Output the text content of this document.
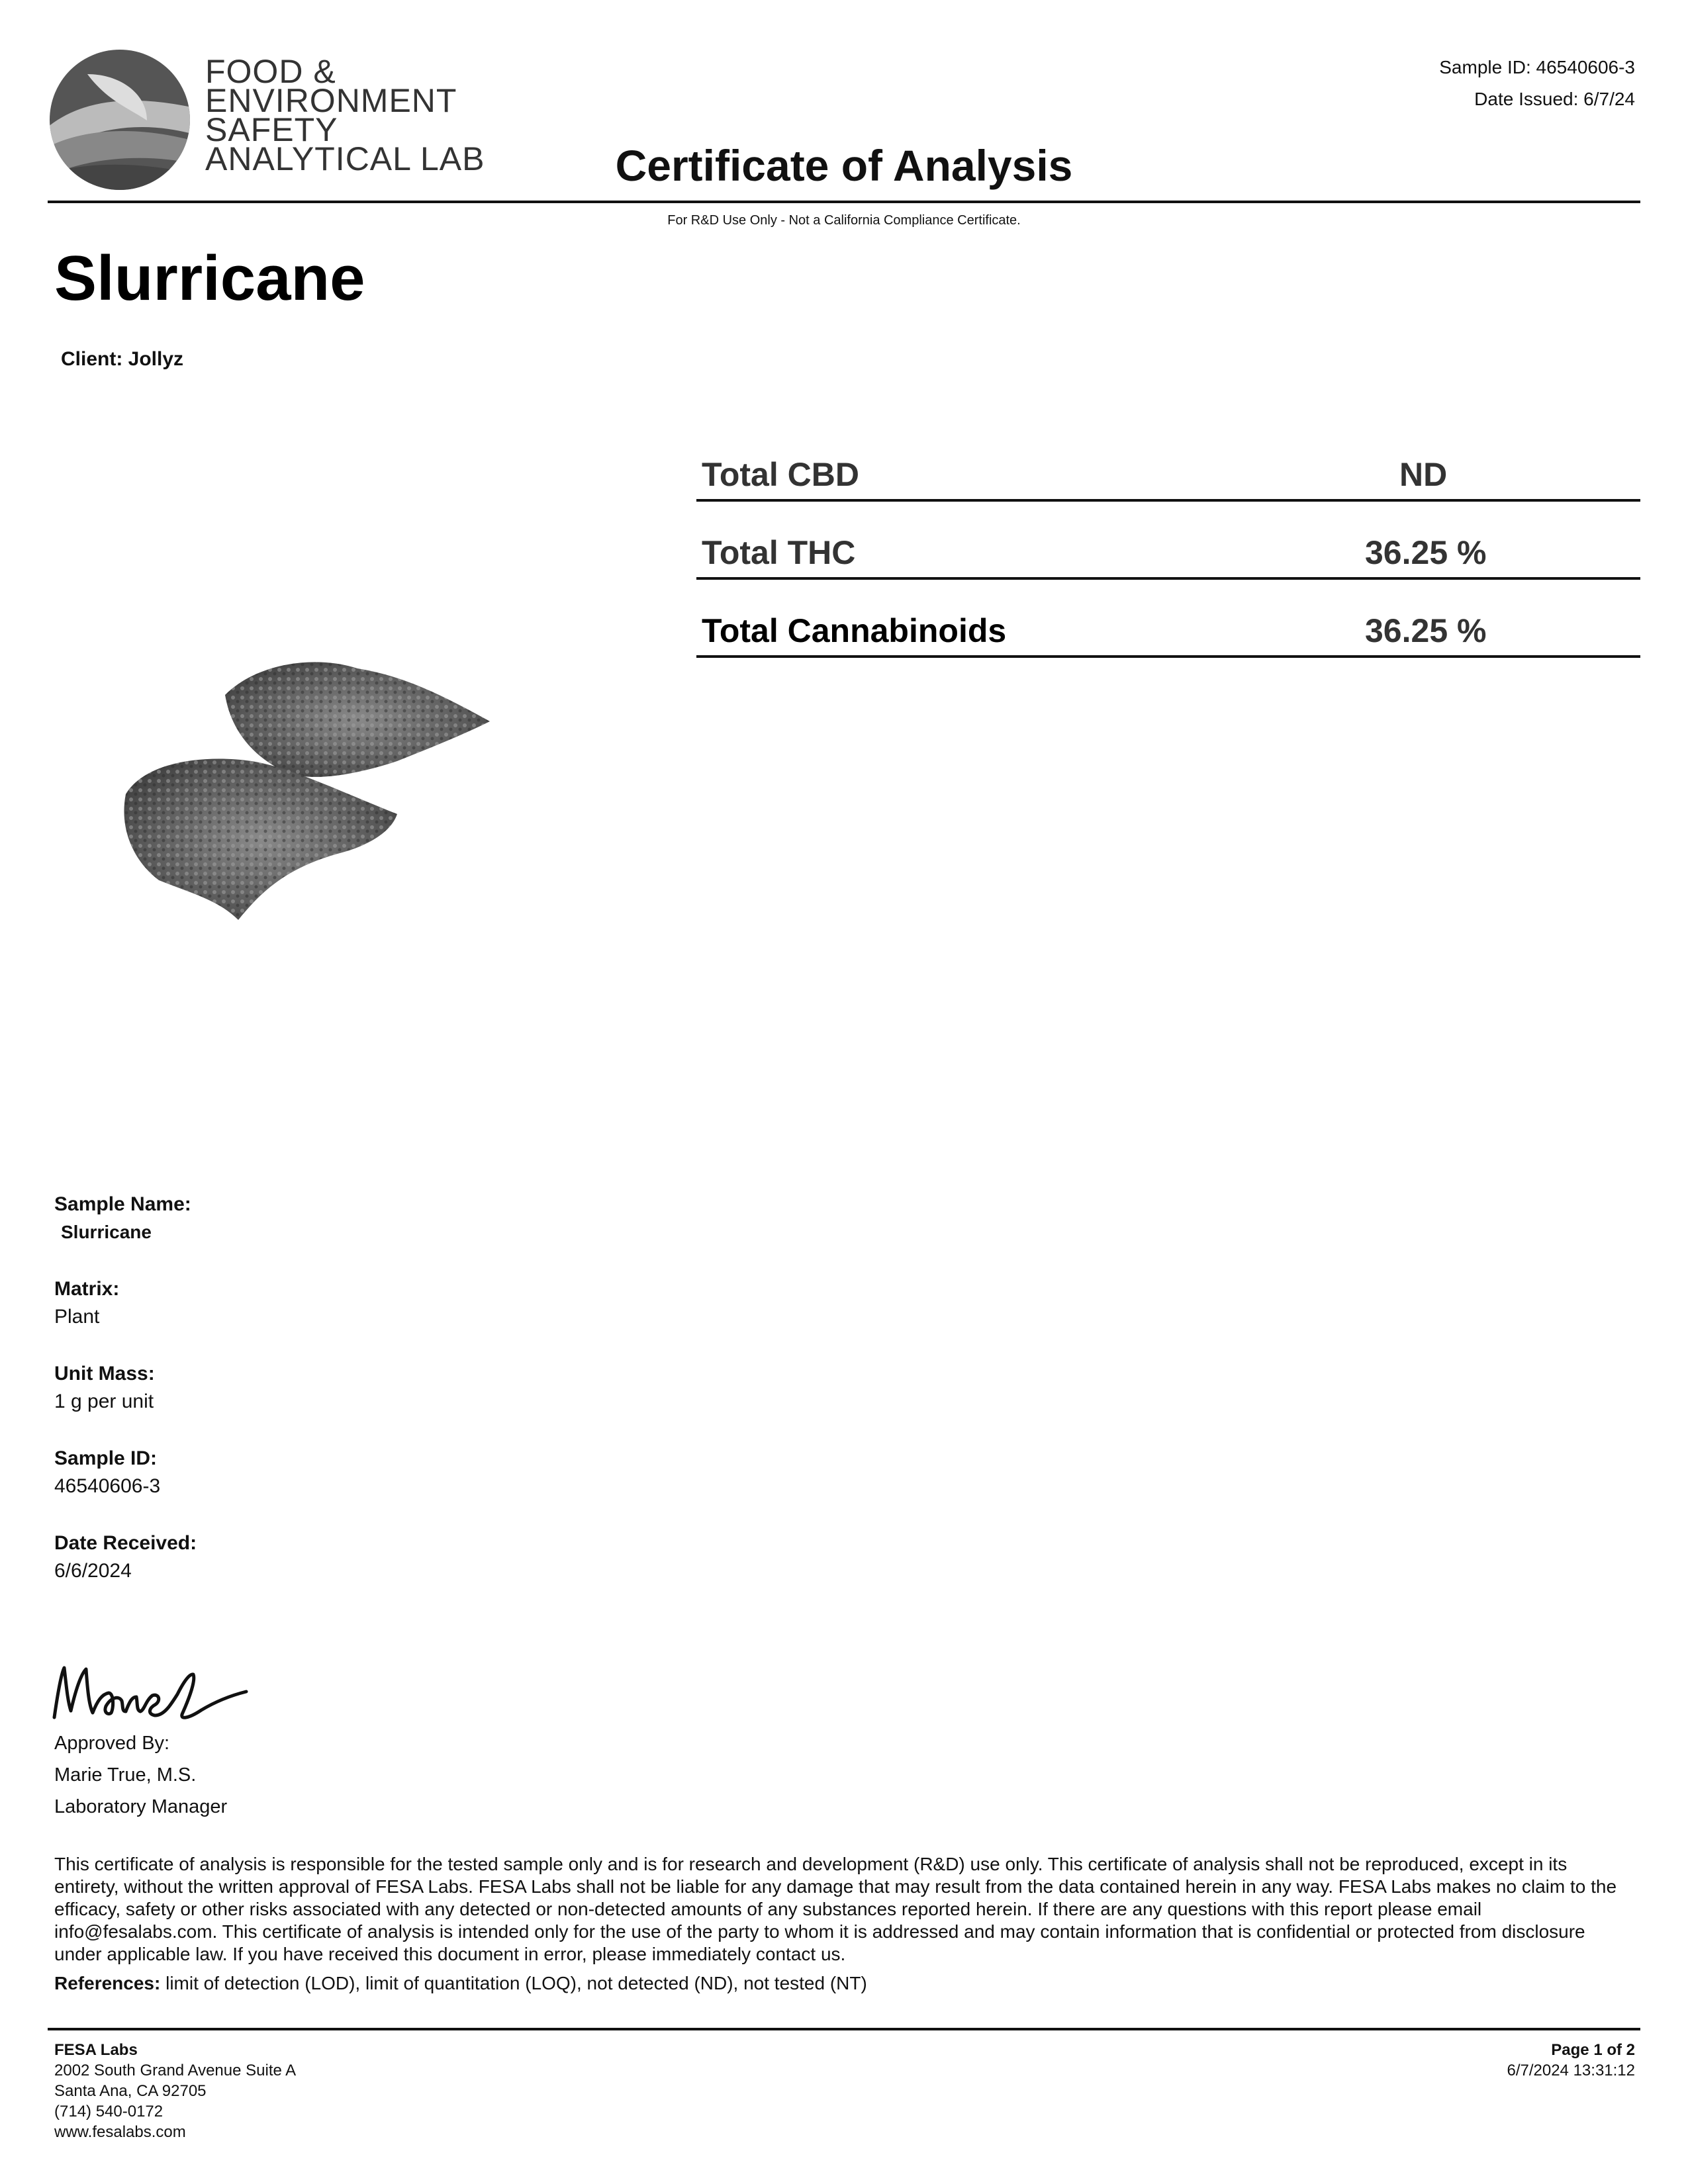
FOOD &
ENVIRONMENT
SAFETY
ANALYTICAL LAB
Sample ID: 46540606-3
Date Issued: 6/7/24
Certificate of Analysis
For R&D Use Only - Not a California Compliance Certificate.
Slurricane
Client: Jollyz
Total CBD	ND
Total THC	36.25 %
Total Cannabinoids	36.25 %
Sample Name:
Slurricane
Matrix:
Plant
Unit Mass:
1 g per unit
Sample ID:
46540606-3
Date Received:
6/6/2024
Approved By:
Marie True, M.S.
Laboratory Manager
This certificate of analysis is responsible for the tested sample only and is for research and development (R&D) use only. This certificate of analysis shall not be reproduced, except in its entirety, without the written approval of FESA Labs. FESA Labs shall not be liable for any damage that may result from the data contained herein in any way. FESA Labs makes no claim to the efficacy, safety or other risks associated with any detected or non-detected amounts of any substances reported herein. If there are any questions with this report please email info@fesalabs.com. This certificate of analysis is intended only for the use of the party to whom it is addressed and may contain information that is confidential or protected from disclosure under applicable law. If you have received this document in error, please immediately contact us.
References: limit of detection (LOD), limit of quantitation (LOQ), not detected (ND), not tested (NT)
FESA Labs
2002 South Grand Avenue Suite A
Santa Ana, CA 92705
(714) 540-0172
www.fesalabs.com
Page 1 of 2
6/7/2024 13:31:12
